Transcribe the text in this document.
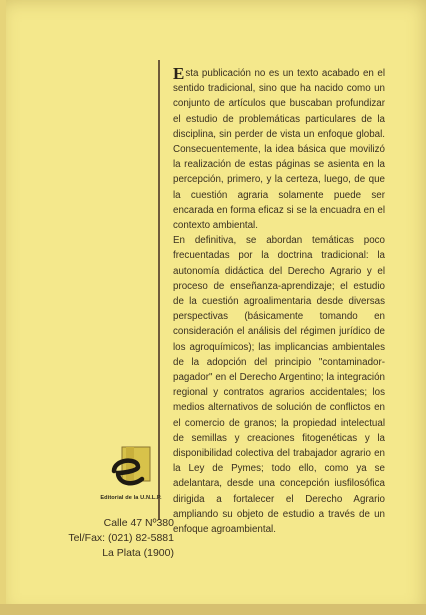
Esta publicación no es un texto acabado en el sentido tradicional, sino que ha nacido como un conjunto de artículos que buscaban profundizar el estudio de problemáticas particulares de la disciplina, sin perder de vista un enfoque global. Consecuentemente, la idea básica que movilizó la realización de estas páginas se asienta en la percepción, primero, y la certeza, luego, de que la cuestión agraria solamente puede ser encarada en forma eficaz si se la encuadra en el contexto ambiental.

En definitiva, se abordan temáticas poco frecuentadas por la doctrina tradicional: la autonomía didáctica del Derecho Agrario y el proceso de enseñanza-aprendizaje; el estudio de la cuestión agroalimentaria desde diversas perspectivas (básicamente tomando en consideración el análisis del régimen jurídico de los agroquímicos); las implicancias ambientales de la adopción del principio "contaminador-pagador" en el Derecho Argentino; la integración regional y contratos agrarios accidentales; los medios alternativos de solución de conflictos en el comercio de granos; la propiedad intelectual de semillas y creaciones fitogenéticas y la disponibilidad colectiva del trabajador agrario en la Ley de Pymes; todo ello, como ya se adelantara, desde una concepción iusfilosófica dirigida a fortalecer el Derecho Agrario ampliando su objeto de estudio a través de un enfoque agroambiental.

Editorial de la U.N.L.P.
Calle 47 Nº380
Tel/Fax: (021) 82-5881
La Plata (1900)
